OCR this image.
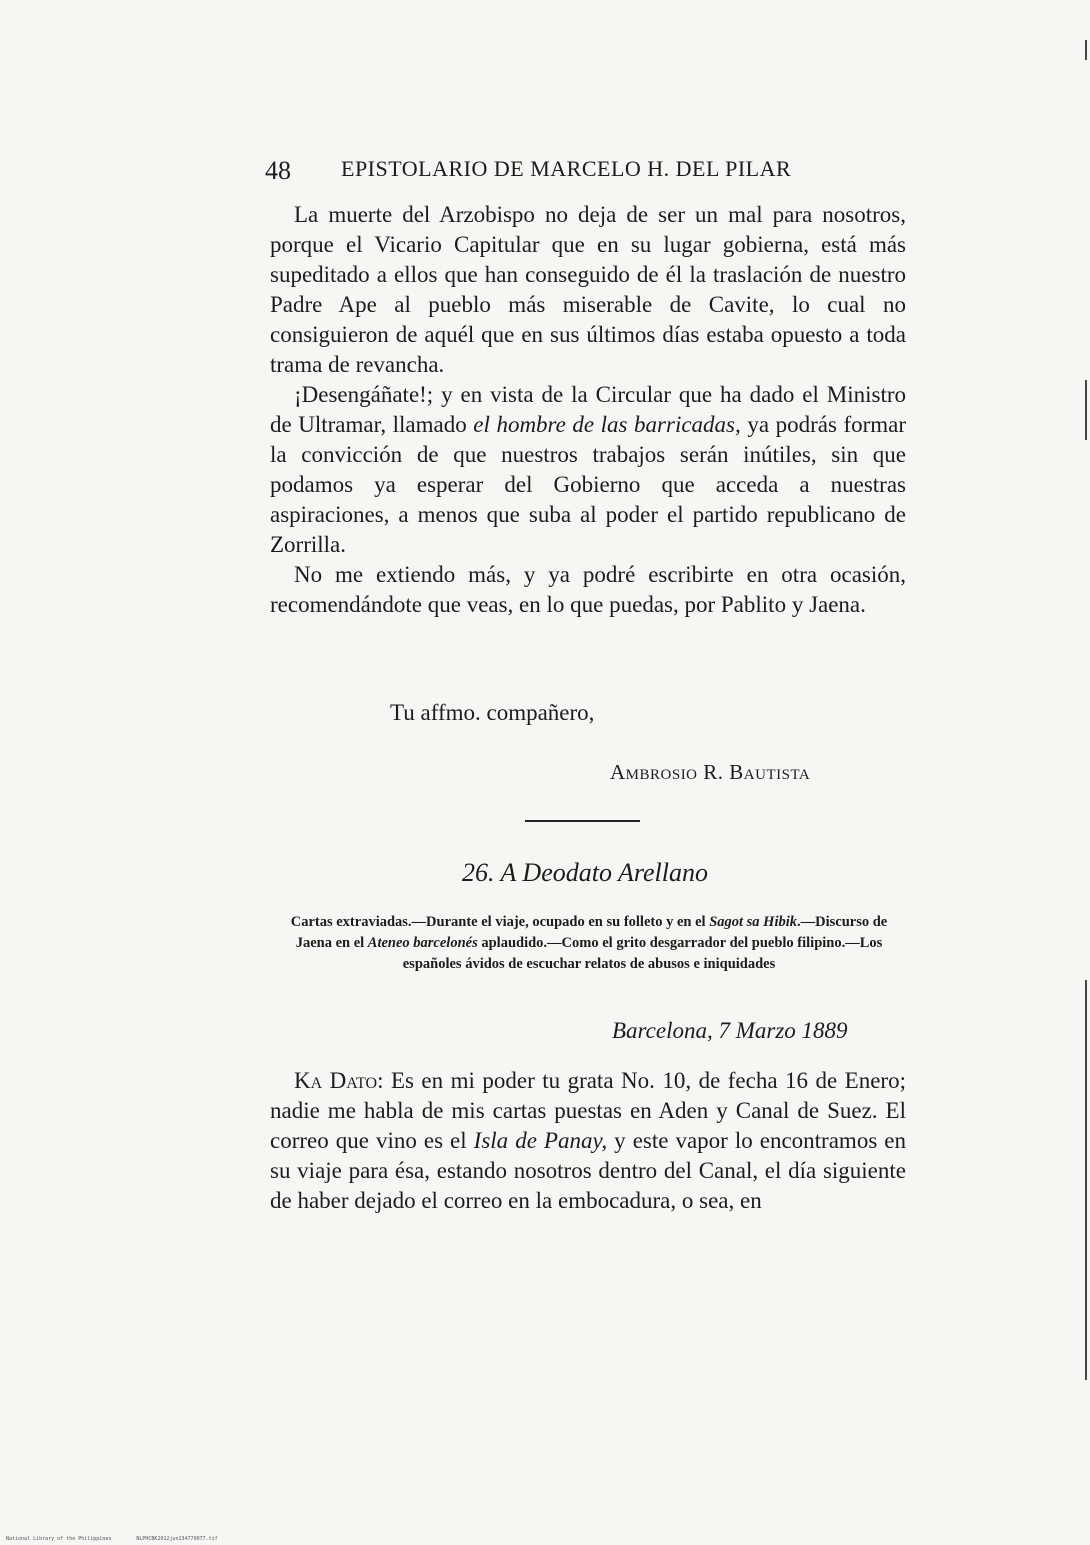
48 EPISTOLARIO DE MARCELO H. DEL PILAR

La muerte del Arzobispo no deja de ser un mal para nosotros, porque el Vicario Capitular que en su lugar gobierna, está más supeditado a ellos que han conseguido de él la traslación de nuestro Padre Ape al pueblo más miserable de Cavite, lo cual no consiguieron de aquél que en sus últimos días estaba opuesto a toda trama de revancha.

¡Desengáñate!; y en vista de la Circular que ha dado el Ministro de Ultramar, llamado el hombre de las barricadas, ya podrás formar la convicción de que nuestros trabajos serán inútiles, sin que podamos ya esperar del Gobierno que acceda a nuestras aspiraciones, a menos que suba al poder el partido republicano de Zorrilla.

No me extiendo más, y ya podré escribirte en otra ocasión, recomendándote que veas, en lo que puedas, por Pablito y Jaena.

Tu affmo. compañero,
Ambrosio R. Bautista
26. A Deodato Arellano
Cartas extraviadas.—Durante el viaje, ocupado en su folleto y en el Sagot sa Hibik.—Discurso de Jaena en el Ateneo barcelonés aplaudido.—Como el grito desgarrador del pueblo filipino.—Los españoles ávidos de escuchar relatos de abusos e iniquidades
Barcelona, 7 Marzo 1889

Ka Dato: Es en mi poder tu grata No. 10, de fecha 16 de Enero; nadie me habla de mis cartas puestas en Aden y Canal de Suez. El correo que vino es el Isla de Panay, y este vapor lo encontramos en su viaje para ésa, estando nosotros dentro del Canal, el día siguiente de haber dejado el correo en la embocadura, o sea, en

National Library of the Philippines	NLPHCBK2012jun234770077.tif
